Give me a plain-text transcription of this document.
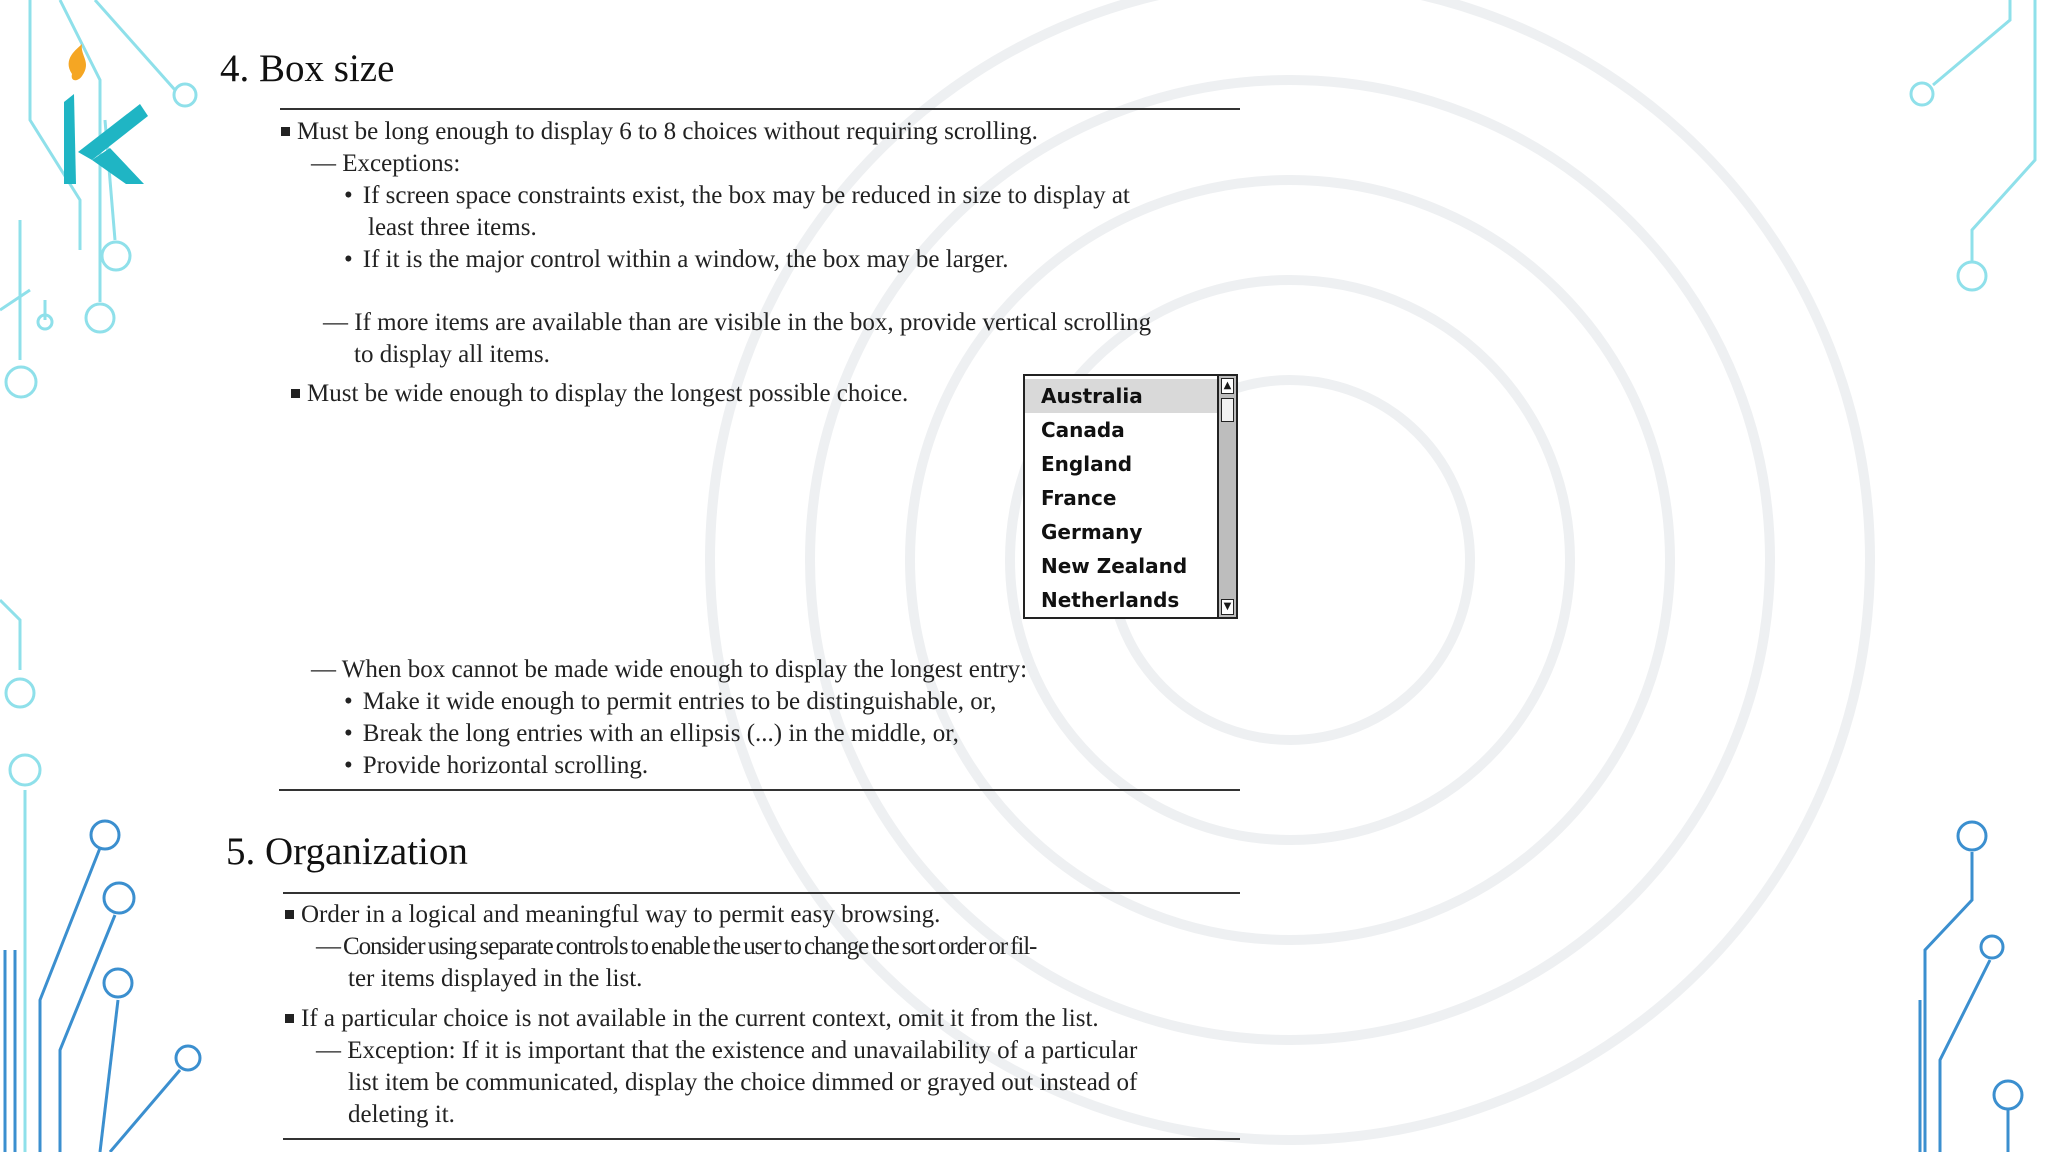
4. Box size
Must be long enough to display 6 to 8 choices without requiring scrolling.
— Exceptions:
• If screen space constraints exist, the box may be reduced in size to display at
least three items.
• If it is the major control within a window, the box may be larger.
— If more items are available than are visible in the box, provide vertical scrolling
to display all items.
Must be wide enough to display the longest possible choice.	Australia
Canada
England
France
Germany
New Zealand
Netherlands
▲
▼
— When box cannot be made wide enough to display the longest entry:
• Make it wide enough to permit entries to be distinguishable, or,
• Break the long entries with an ellipsis (...) in the middle, or,
• Provide horizontal scrolling.
5. Organization
Order in a logical and meaningful way to permit easy browsing.
— Consider using separate controls to enable the user to change the sort order or fil-
ter items displayed in the list.
If a particular choice is not available in the current context, omit it from the list.
— Exception: If it is important that the existence and unavailability of a particular
list item be communicated, display the choice dimmed or grayed out instead of
deleting it.
